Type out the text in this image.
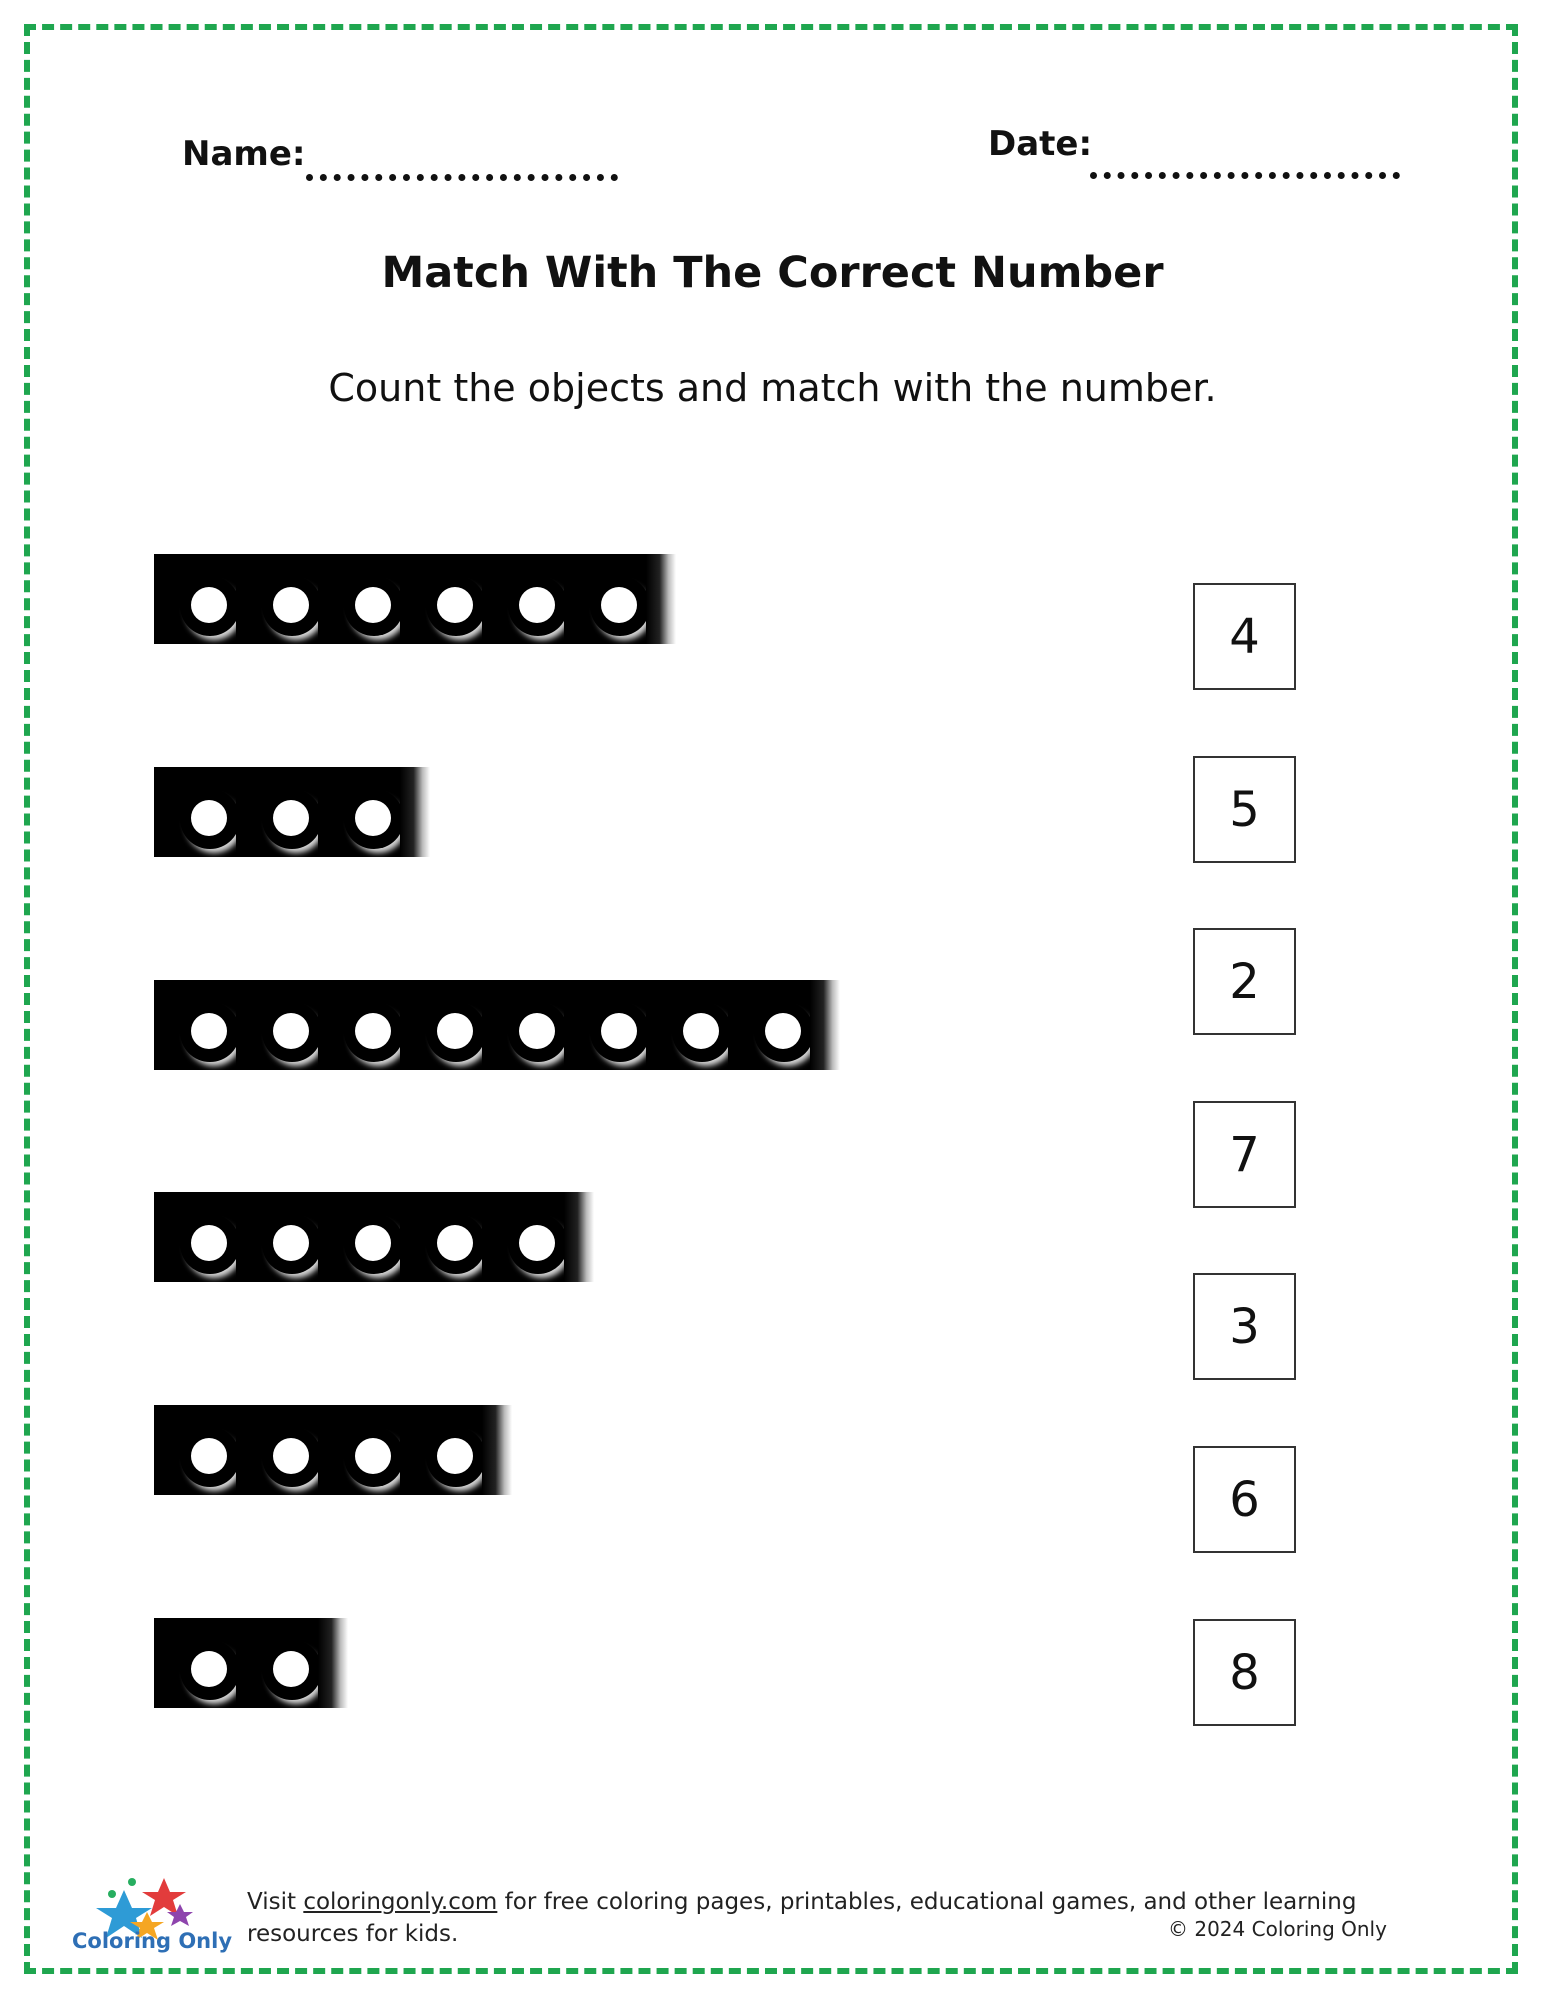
Name:	Date:
Match With The Correct Number
Count the objects and match with the number.
4
5
2
7
3
6
8
Coloring Only
Visit coloringonly.com for free coloring pages, printables, educational games, and other learning resources for kids.	© 2024 Coloring Only
